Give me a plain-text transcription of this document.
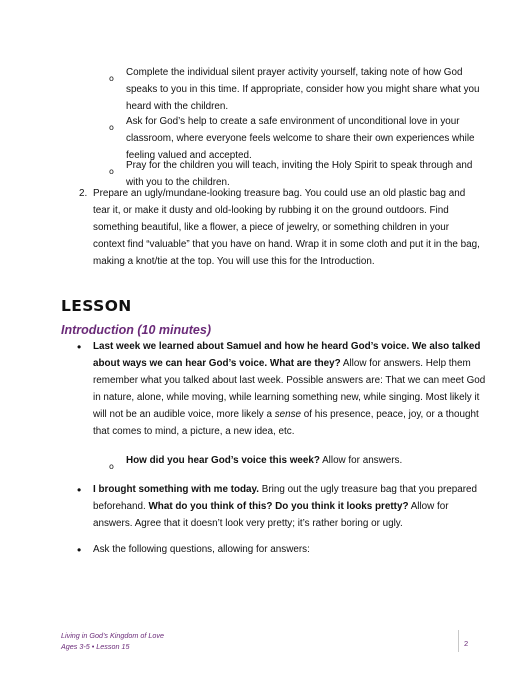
o
Complete the individual silent prayer activity yourself, taking note of how God speaks to you in this time. If appropriate, consider how you might share what you heard with the children.
o
Ask for God’s help to create a safe environment of unconditional love in your classroom, where everyone feels welcome to share their own experiences while feeling valued and accepted.
o
Pray for the children you will teach, inviting the Holy Spirit to speak through and with you to the children.
2. Prepare an ugly/mundane-looking treasure bag. You could use an old plastic bag and tear it, or make it dusty and old-looking by rubbing it on the ground outdoors. Find something beautiful, like a flower, a piece of jewelry, or something children in your context find “valuable” that you have on hand. Wrap it in some cloth and put it in the bag, making a knot/tie at the top. You will use this for the Introduction.
LESSON
Introduction (10 minutes)
• Last week we learned about Samuel and how he heard God’s voice. We also talked about ways we can hear God’s voice. What are they? Allow for answers. Help them remember what you talked about last week. Possible answers are: That we can meet God in nature, alone, while moving, while learning something new, while singing. Most likely it will not be an audible voice, more likely a sense of his presence, peace, joy, or a thought that comes to mind, a picture, a new idea, etc.
o
How did you hear God’s voice this week? Allow for answers.
• I brought something with me today. Bring out the ugly treasure bag that you prepared beforehand. What do you think of this? Do you think it looks pretty? Allow for answers. Agree that it doesn’t look very pretty; it’s rather boring or ugly.
• Ask the following questions, allowing for answers:
Living in God’s Kingdom of Love
Ages 3-5 • Lesson 15	2
